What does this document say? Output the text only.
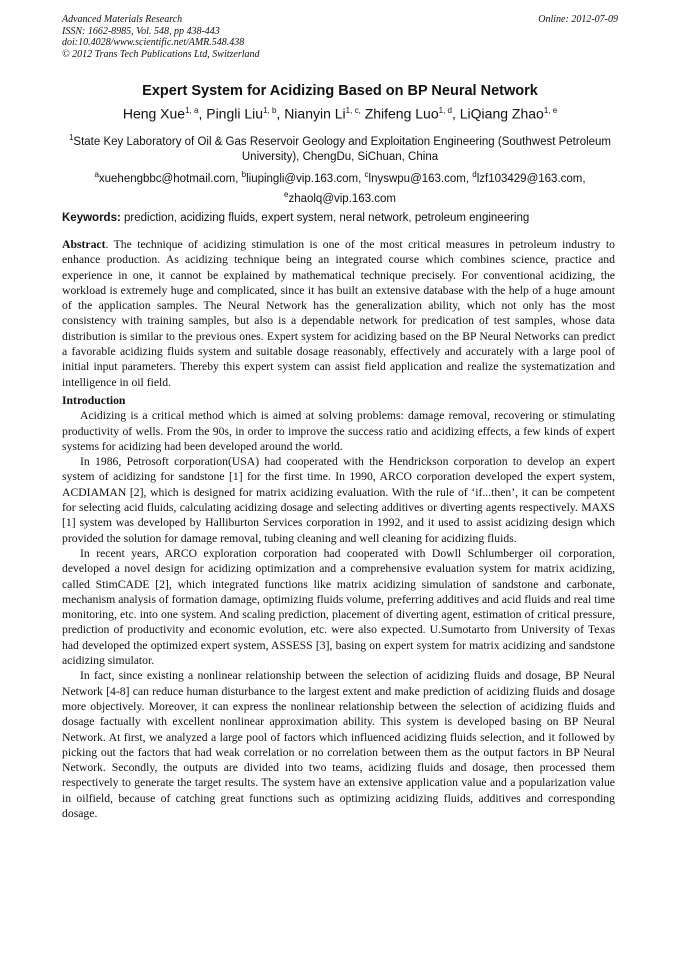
Advanced Materials Research
ISSN: 1662-8985, Vol. 548, pp 438-443
doi:10.4028/www.scientific.net/AMR.548.438
© 2012 Trans Tech Publications Ltd, Switzerland
Online: 2012-07-09
Expert System for Acidizing Based on BP Neural Network
Heng Xue$^{1, a}$, Pingli Liu$^{1, b}$, Nianyin $Li^{1, c,}$ Zhifeng Luo$^{1, d}$, LiQiang Zhao$^{1, e}$
$^1$State Key Laboratory of Oil & Gas Reservoir Geology and Exploitation Engineering (Southwest Petroleum University), ChengDu, SiChuan, China
$^a$xuehengbbc@hotmail.com, $^b$liupingli@vip.163.com, $^c$lnyswpu@163.com, $^d$lzf103429@163.com,
$^e$zhaolq@vip.163.com
Keywords: prediction, acidizing fluids, expert system, neral network, petroleum engineering

Abstract. The technique of acidizing stimulation is one of the most critical measures in petroleum industry to enhance production. As acidizing technique being an integrated course which combines science, practice and experience in one, it cannot be explained by mathematical technique precisely. For conventional acidizing, the workload is extremely huge and complicated, since it has built an extensive database with the help of a huge amount of the application samples. The Neural Network has the generalization ability, which not only has the most consistency with training samples, but also is a dependable network for predication of test samples, whose data distribution is similar to the previous ones. Expert system for acidizing based on the BP Neural Networks can predict a favorable acidizing fluids system and suitable dosage reasonably, effectively and accurately with a large pool of initial input parameters. Thereby this expert system can assist field application and realize the systematization and intelligence in oil field.

Introduction

Acidizing is a critical method which is aimed at solving problems: damage removal, recovering or stimulating productivity of wells. From the 90s, in order to improve the success ratio and acidizing effects, a few kinds of expert systems for acidizing had been developed around the world.

In 1986, Petrosoft corporation(USA) had cooperated with the Hendrickson corporation to develop an expert system of acidizing for sandstone [1] for the first time. In 1990, ARCO corporation developed the expert system, ACDIAMAN [2], which is designed for matrix acidizing evaluation. With the rule of ‘if...then’, it can be competent for selecting acid fluids, calculating acidizing dosage and selecting additives or diverting agents respectively. MAXS [1] system was developed by Halliburton Services corporation in 1992, and it used to assist acidizing design which provided the solution for damage removal, tubing cleaning and well cleaning for acidizing fluids.

In recent years, ARCO exploration corporation had cooperated with Dowll Schlumberger oil corporation, developed a novel design for acidizing optimization and a comprehensive evaluation system for matrix acidizing, called StimCADE [2], which integrated functions like matrix acidizing simulation of sandstone and carbonate, mechanism analysis of formation damage, optimizing fluids volume, preferring additives and acid fluids and real time monitoring, etc. into one system. And scaling prediction, placement of diverting agent, estimation of critical pressure, prediction of productivity and economic evolution, etc. were also expected. U.Sumotarto from University of Texas had developed the optimized expert system, ASSESS [3], basing on expert system for matrix acidizing and sandstone acidizing simulator.

In fact, since existing a nonlinear relationship between the selection of acidizing fluids and dosage, BP Neural Network [4-8] can reduce human disturbance to the largest extent and make prediction of acidizing fluids and dosage more objectively. Moreover, it can express the nonlinear relationship between the selection of acidizing fluids and dosage factually with excellent nonlinear approximation ability. This system is developed basing on BP Neural Network. At first, we analyzed a large pool of factors which influenced acidizing fluids selection, and it followed by picking out the factors that had weak correlation or no correlation between them as the output factors in BP Neural Network. Secondly, the outputs are divided into two teams, acidizing fluids and dosage, then processed them respectively to generate the target results. The system have an extensive application value and a popularization value in oilfield, because of catching great functions such as optimizing acidizing fluids, additives and corresponding dosage.
